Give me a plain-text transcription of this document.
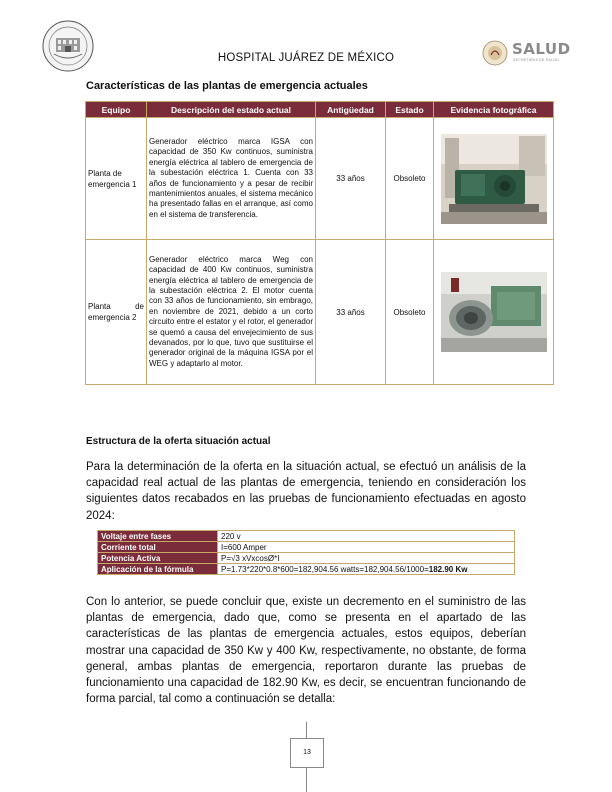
HOSPITAL JUÁREZ DE MÉXICO	SALUD
SECRETARÍA DE SALUD
Características de las plantas de emergencia actuales
Equipo	Descripción del estado actual	Antigüedad	Estado	Evidencia fotográfica
Planta de emergencia 1	Generador eléctrico marca IGSA con capacidad de 350 Kw continuos, suministra energía eléctrica al tablero de emergencia de la subestación eléctrica 1. Cuenta con 33 años de funcionamiento y a pesar de recibir mantenimientos anuales, el sistema mecánico ha presentado fallas en el arranque, así como en el sistema de transferencia.	33 años	Obsoleto	

Planta de emergencia 2	Generador eléctrico marca Weg con capacidad de 400 Kw continuos, suministra energía eléctrica al tablero de emergencia de la subestación eléctrica 2. El motor cuenta con 33 años de funcionamiento, sin embrago, en noviembre de 2021, debido a un corto circuito entre el estator y el rotor, el generador se quemó a causa del envejecimiento de sus devanados, por lo que, tuvo que sustituirse el generador original de la máquina IGSA por el WEG y adaptarlo al motor.	33 años	Obsoleto	
Estructura de la oferta situación actual
Para la determinación de la oferta en la situación actual, se efectuó un análisis de la capacidad real actual de las plantas de emergencia, teniendo en consideración los siguientes datos recabados en las pruebas de funcionamiento efectuadas en agosto 2024:
Voltaje entre fases	220 v
Corriente total	I=600 Amper
Potencia Activa	P=√3 xVxcosØ*I
Aplicación de la fórmula	P=1.73*220*0.8*600=182,904.56 watts=182,904.56/1000=182.90 Kw
Con lo anterior, se puede concluir que, existe un decremento en el suministro de las plantas de emergencia, dado que, como se presenta en el apartado de las características de las plantas de emergencia actuales, estos equipos, deberían mostrar una capacidad de 350 Kw y 400 Kw, respectivamente, no obstante, de forma general, ambas plantas de emergencia, reportaron durante las pruebas de funcionamiento una capacidad de 182.90 Kw, es decir, se encuentran funcionando de forma parcial, tal como a continuación se detalla:
13
